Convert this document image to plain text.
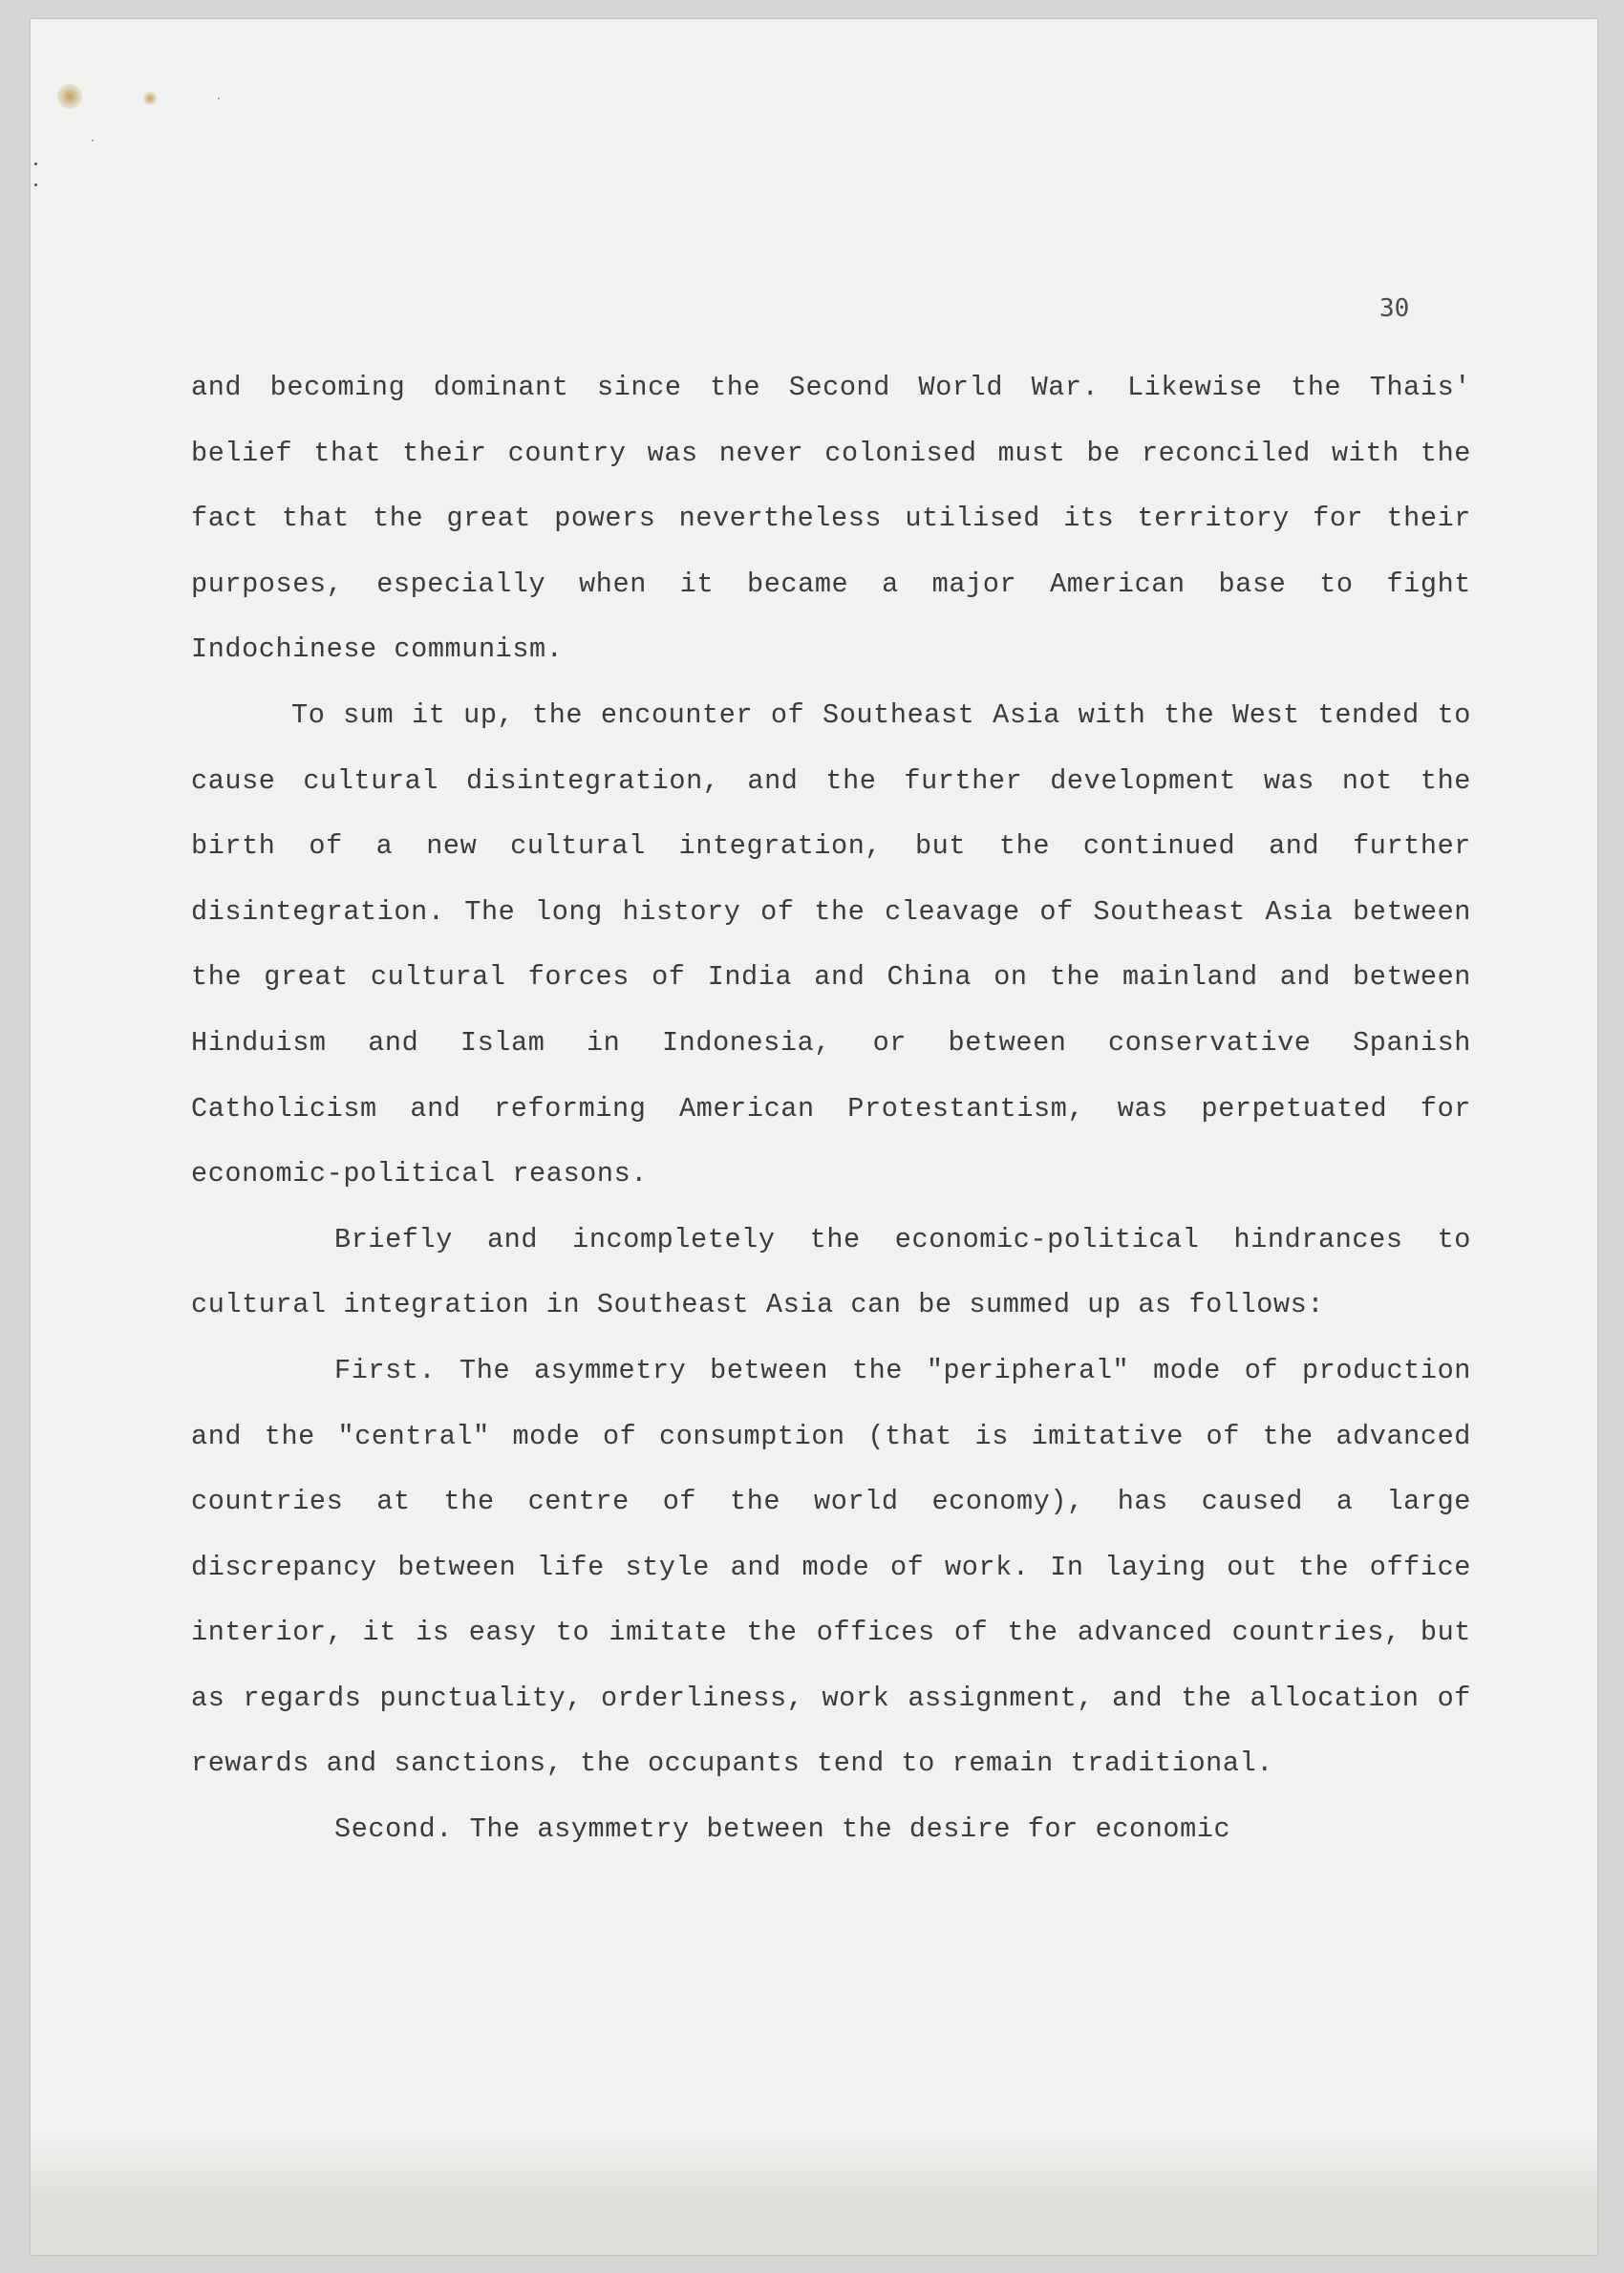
30

and becoming dominant since the Second World War. Likewise the Thais' belief that their country was never colonised must be reconciled with the fact that the great powers nevertheless utilised its territory for their purposes, especially when it became a major American base to fight Indochinese communism.

To sum it up, the encounter of Southeast Asia with the West tended to cause cultural disintegration, and the further development was not the birth of a new cultural integration, but the continued and further disintegration. The long history of the cleavage of Southeast Asia between the great cultural forces of India and China on the mainland and between Hinduism and Islam in Indonesia, or between conservative Spanish Catholicism and reforming American Protestantism, was perpetuated for economic-political reasons.

Briefly and incompletely the economic-political hindrances to cultural integration in Southeast Asia can be summed up as follows:

First. The asymmetry between the "peripheral" mode of production and the "central" mode of consumption (that is imitative of the advanced countries at the centre of the world economy), has caused a large discrepancy between life style and mode of work. In laying out the office interior, it is easy to imitate the offices of the advanced countries, but as regards punctuality, orderliness, work assignment, and the allocation of rewards and sanctions, the occupants tend to remain traditional.

Second. The asymmetry between the desire for economic
